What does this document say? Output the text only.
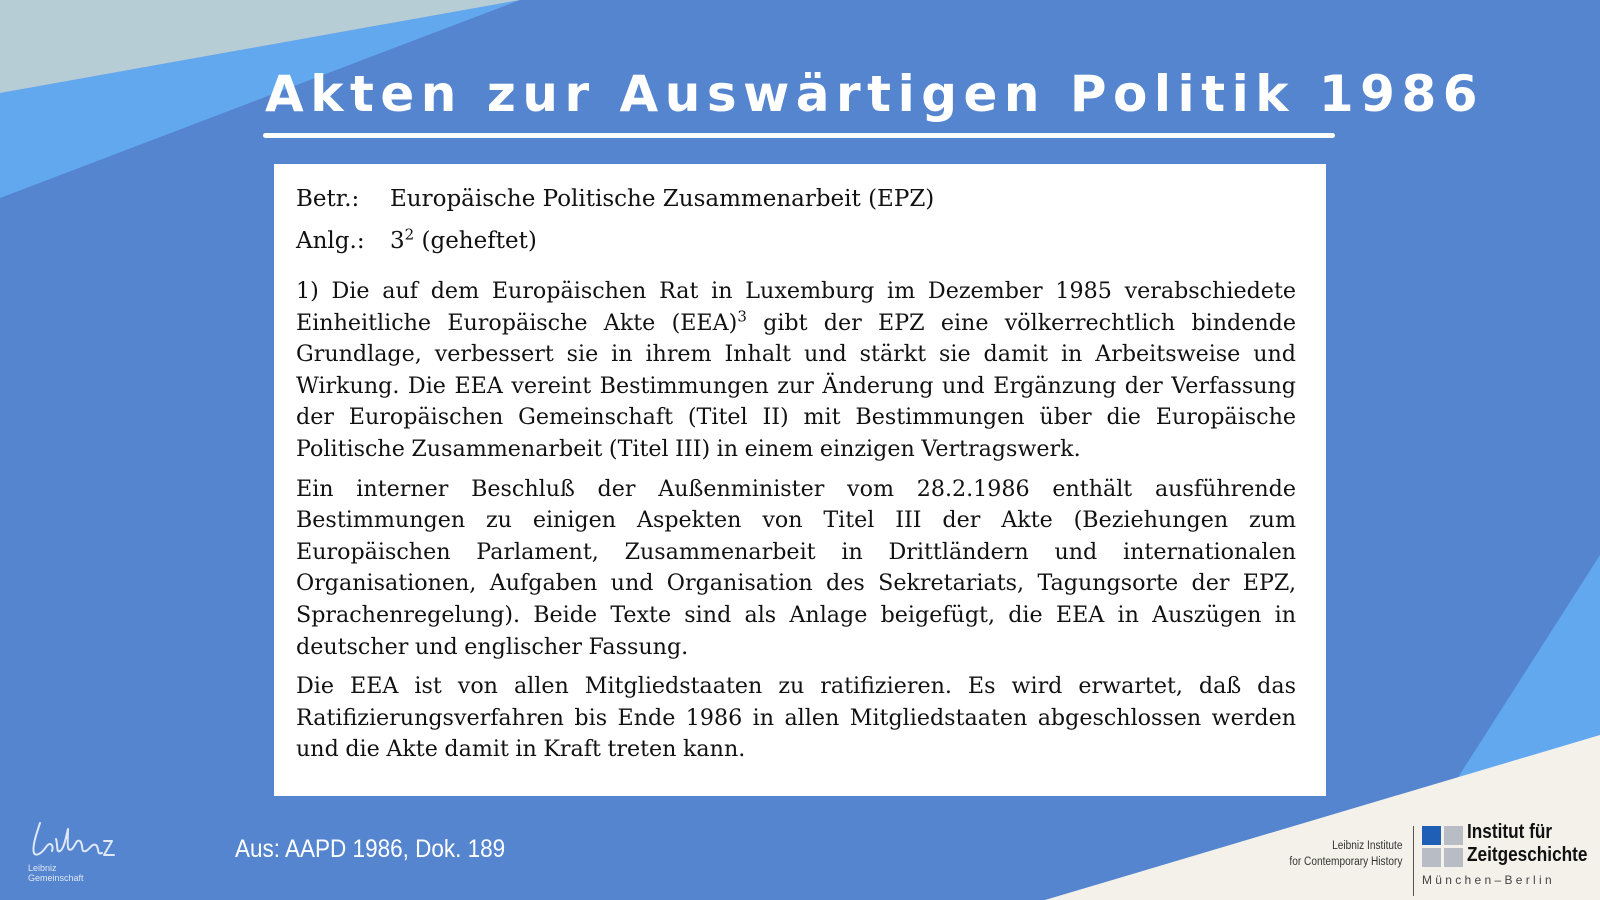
Akten zur Auswärtigen Politik 1986
Betr.:	Europäische Politische Zusammenarbeit (EPZ)
Anlg.:	$3^2$ (geheftet)

1) Die auf dem Europäischen Rat in Luxemburg im Dezember 1985 verabschiedete Einheitliche Europäische Akte (EEA)$^3$ gibt der EPZ eine völkerrechtlich bindende Grundlage, verbessert sie in ihrem Inhalt und stärkt sie damit in Arbeitsweise und Wirkung. Die EEA vereint Bestimmungen zur Änderung und Ergänzung der Verfassung der Europäischen Gemeinschaft (Titel II) mit Bestimmungen über die Europäische Politische Zusammenarbeit (Titel III) in einem einzigen Vertragswerk.

Ein interner Beschluß der Außenminister vom 28.2.1986 enthält ausführende Bestimmungen zu einigen Aspekten von Titel III der Akte (Beziehungen zum Europäischen Parlament, Zusammenarbeit in Drittländern und internationalen Organisationen, Aufgaben und Organisation des Sekretariats, Tagungsorte der EPZ, Sprachenregelung). Beide Texte sind als Anlage beigefügt, die EEA in Auszügen in deutscher und englischer Fassung.

Die EEA ist von allen Mitgliedstaaten zu ratifizieren. Es wird erwartet, daß das Ratifizierungsverfahren bis Ende 1986 in allen Mitgliedstaaten abgeschlossen werden und die Akte damit in Kraft treten kann.

Aus: AAPD 1986, Dok. 189
Leibniz
Gemeinschaft
Leibniz Institute
for Contemporary History
Institut für
Zeitgeschichte
München–Berlin
